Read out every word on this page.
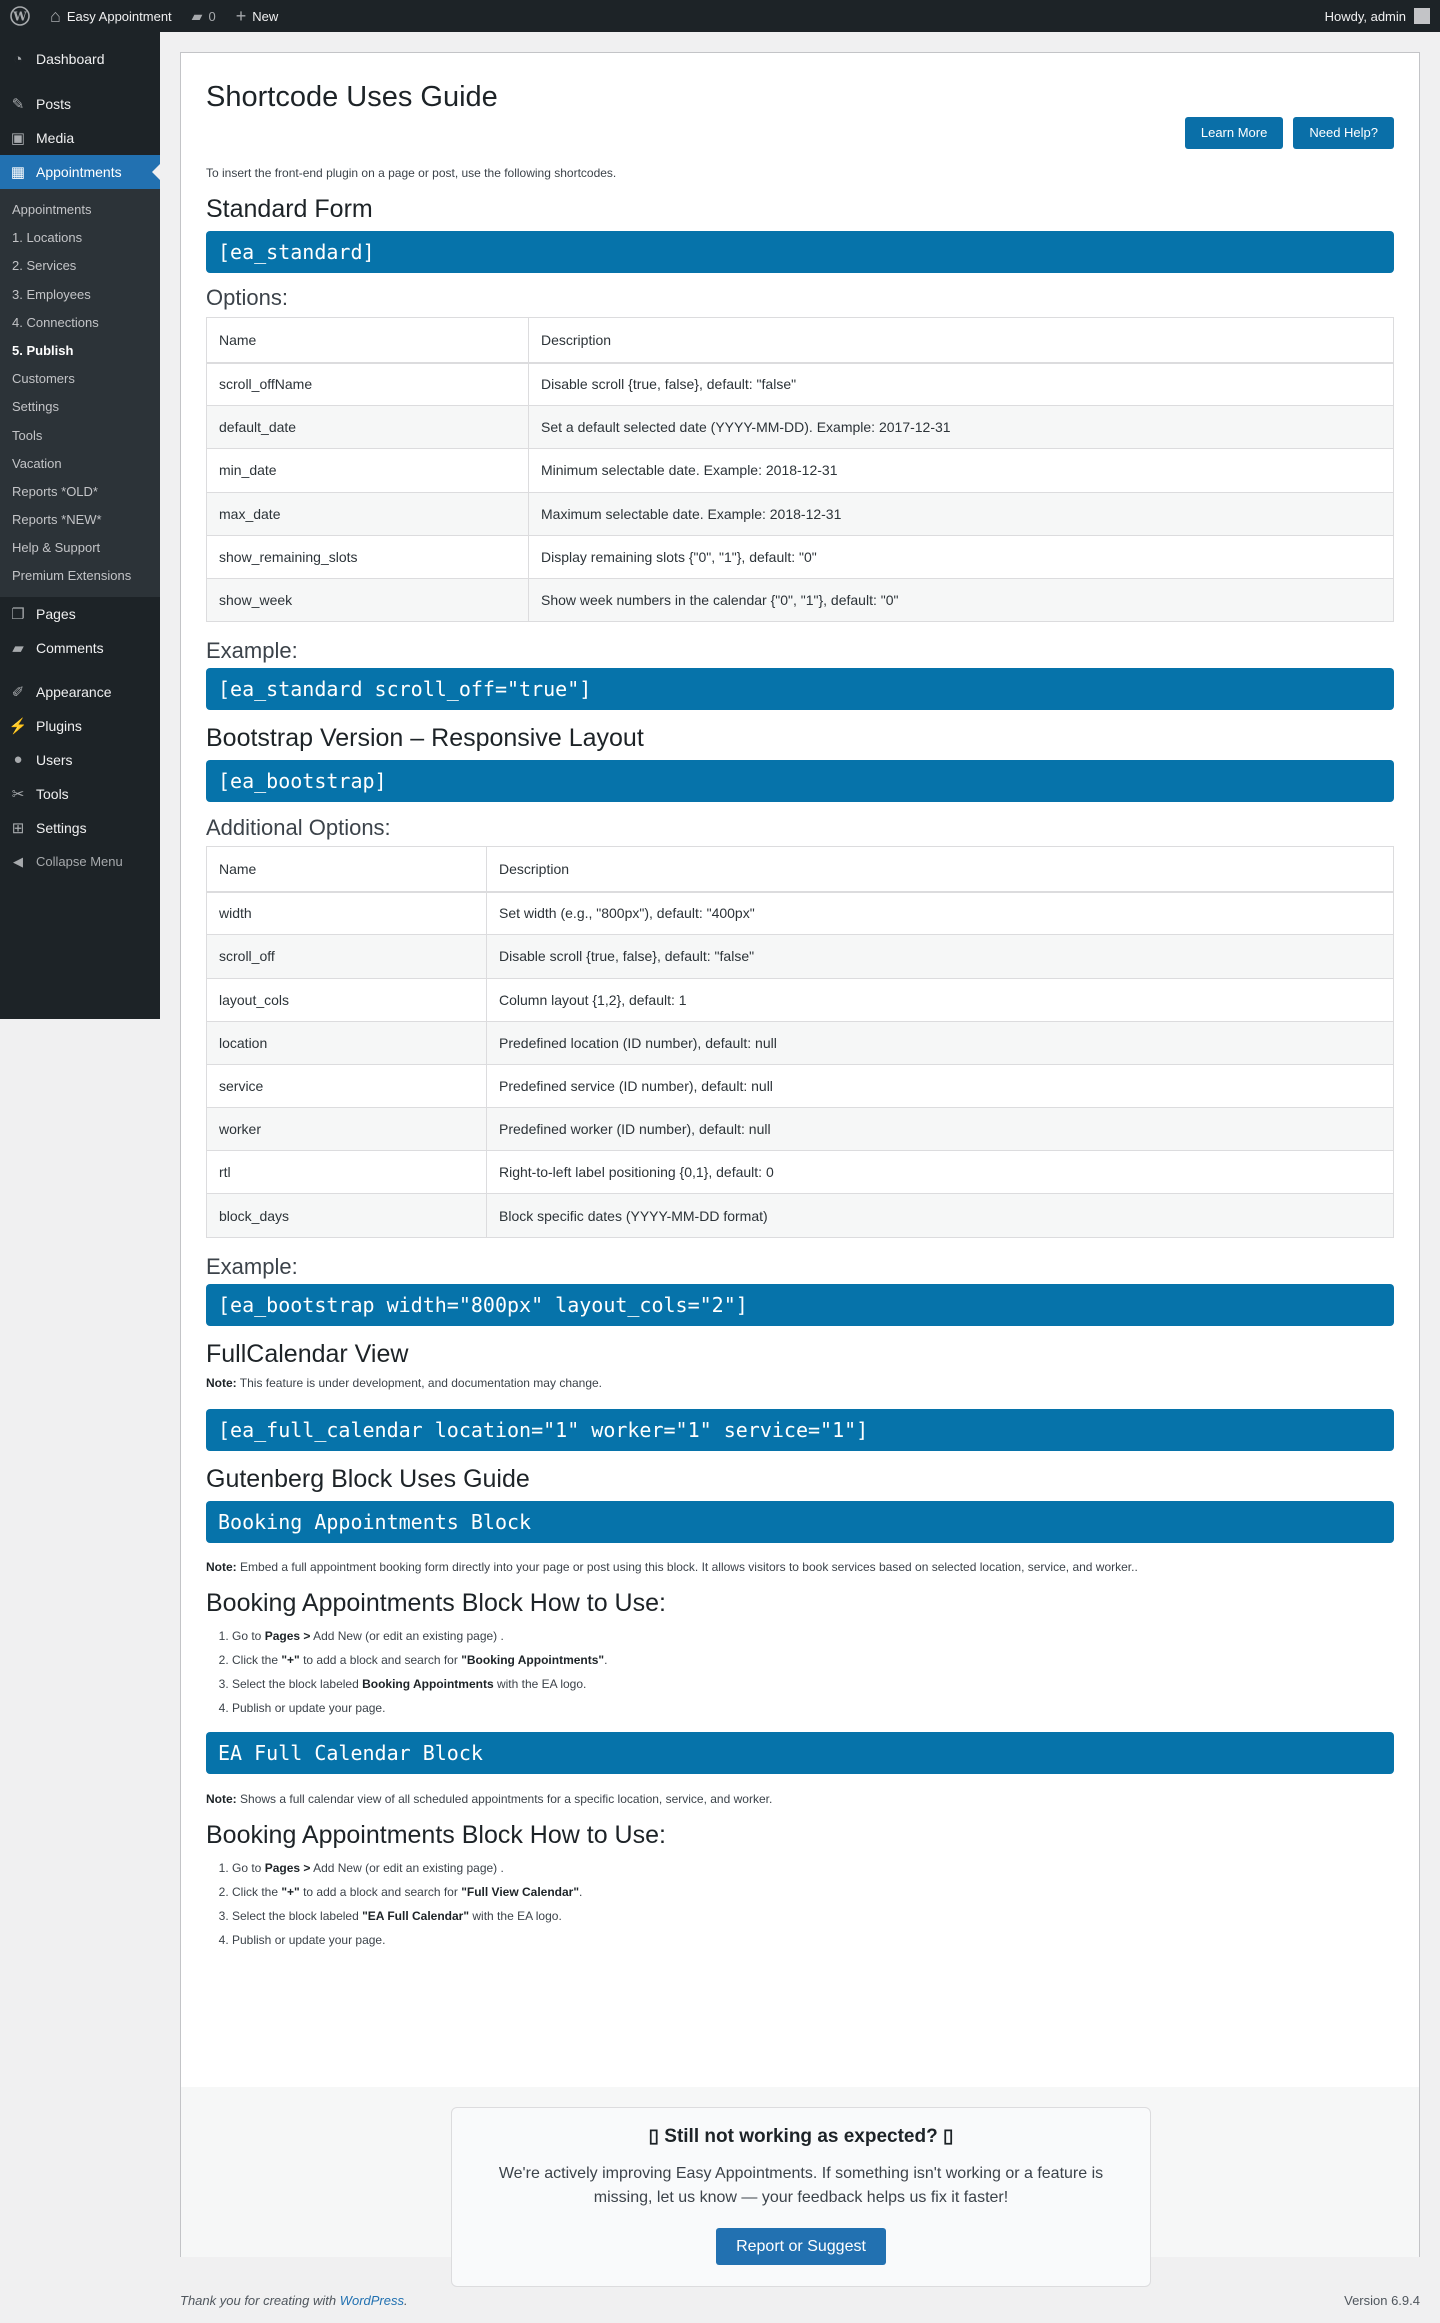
W ⌂ Easy Appointment ▰ 0 + New	Howdy, admin
◔ Dashboard
✎ Posts
▣ Media
▦ Appointments
Appointments
1. Locations
2. Services
3. Employees
4. Connections
5. Publish
Customers
Settings
Tools
Vacation
Reports *OLD*
Reports *NEW*
Help & Support
Premium Extensions
❐ Pages
▰ Comments
✐ Appearance
⚡ Plugins
● Users
✂ Tools
⊞ Settings
◀	Collapse Menu
Shortcode Uses Guide
Learn More	Need Help?

To insert the front-end plugin on a page or post, use the following shortcodes.

Standard Form
[ea_standard]
Options:
Name	Description
scroll_offName	Disable scroll {true, false}, default: "false"
default_date	Set a default selected date (YYYY-MM-DD). Example: 2017-12-31
min_date	Minimum selectable date. Example: 2018-12-31
max_date	Maximum selectable date. Example: 2018-12-31
show_remaining_slots	Display remaining slots {"0", "1"}, default: "0"
show_week	Show week numbers in the calendar {"0", "1"}, default: "0"
Example:
[ea_standard scroll_off="true"]
Bootstrap Version – Responsive Layout
[ea_bootstrap]
Additional Options:
Name	Description
width	Set width (e.g., "800px"), default: "400px"
scroll_off	Disable scroll {true, false}, default: "false"
layout_cols	Column layout {1,2}, default: 1
location	Predefined location (ID number), default: null
service	Predefined service (ID number), default: null
worker	Predefined worker (ID number), default: null
rtl	Right-to-left label positioning {0,1}, default: 0
block_days	Block specific dates (YYYY-MM-DD format)
Example:
[ea_bootstrap width="800px" layout_cols="2"]
FullCalendar View

Note: This feature is under development, and documentation may change.

[ea_full_calendar location="1" worker="1" service="1"]
Gutenberg Block Uses Guide
Booking Appointments Block

Note: Embed a full appointment booking form directly into your page or post using this block. It allows visitors to book services based on selected location, service, and worker..

Booking Appointments Block How to Use:
1. Go to Pages > Add New (or edit an existing page) .
2. Click the "+" to add a block and search for "Booking Appointments".
3. Select the block labeled Booking Appointments with the EA logo.
4. Publish or update your page.
EA Full Calendar Block

Note: Shows a full calendar view of all scheduled appointments for a specific location, service, and worker.

Booking Appointments Block How to Use:
1. Go to Pages > Add New (or edit an existing page) .
2. Click the "+" to add a block and search for "Full View Calendar".
3. Select the block labeled "EA Full Calendar" with the EA logo.
4. Publish or update your page.
▯ Still not working as expected? ▯

We're actively improving Easy Appointments. If something isn't working or a feature is missing, let us know — your feedback helps us fix it faster!

Report or Suggest
Thank you for creating with WordPress.	Version 6.9.4
